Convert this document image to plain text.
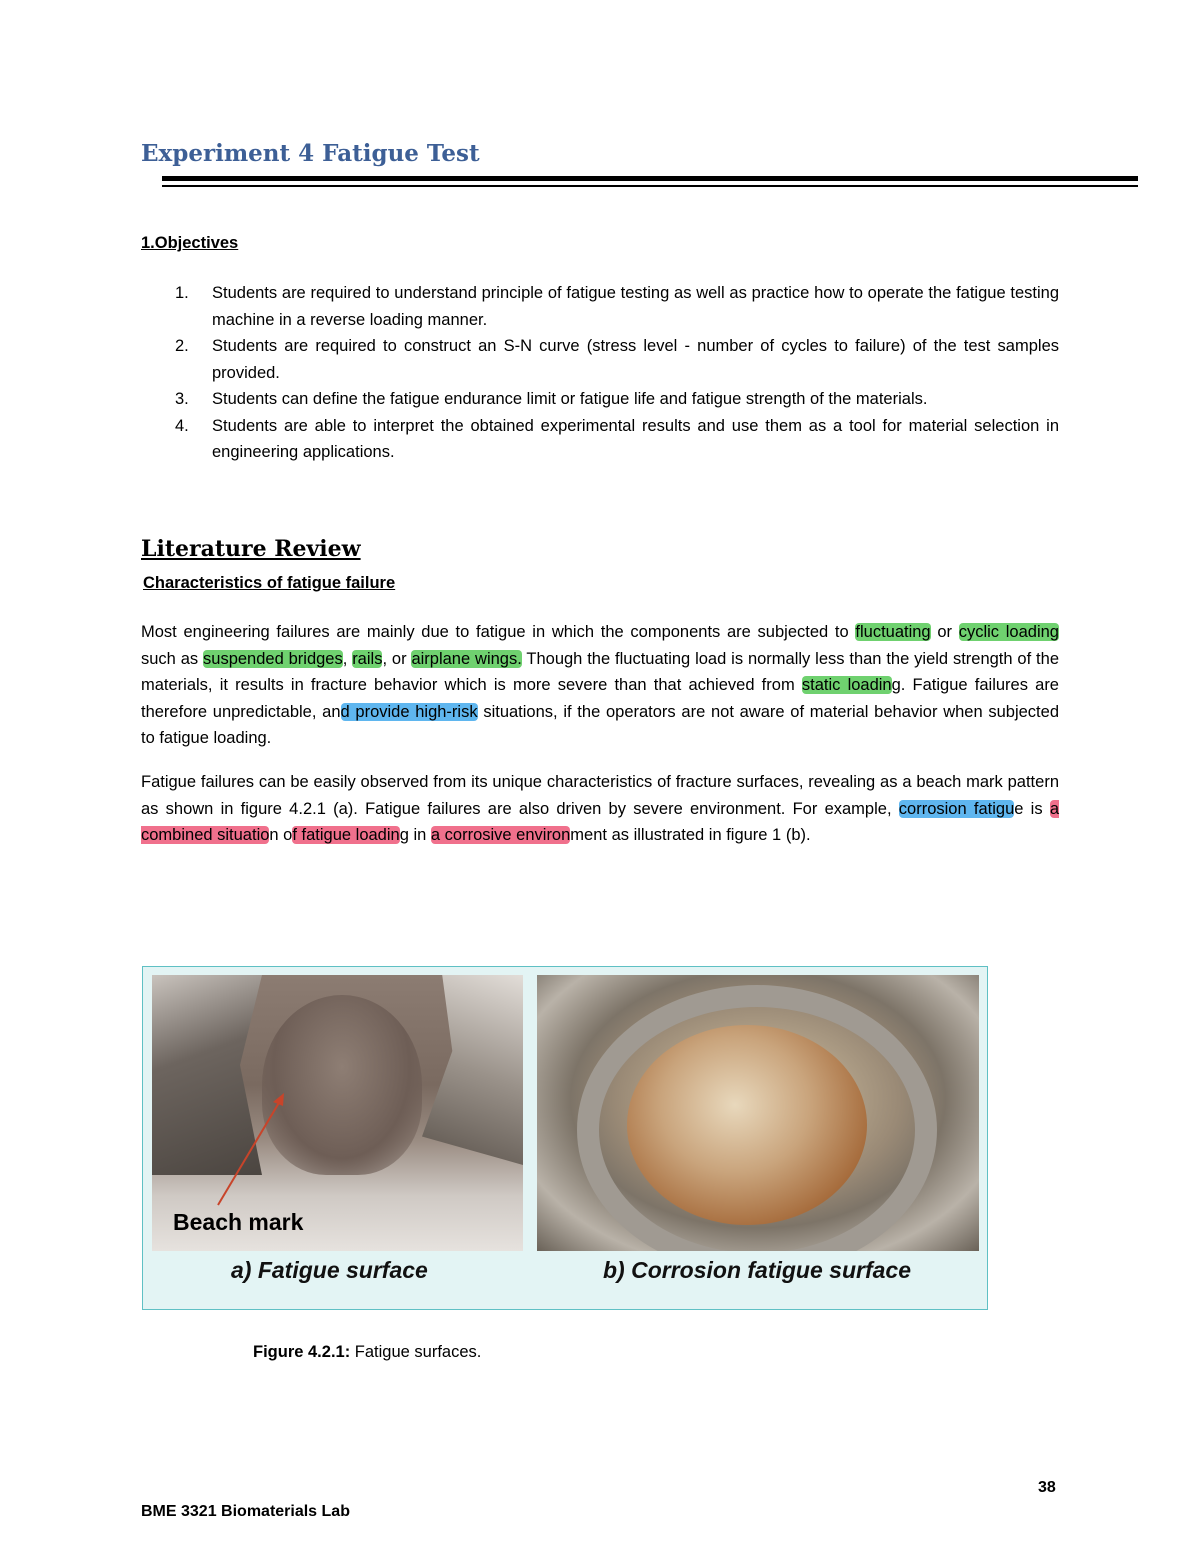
Experiment 4 Fatigue Test
1.Objectives
1. Students are required to understand principle of fatigue testing as well as practice how to operate the fatigue testing machine in a reverse loading manner.
2. Students are required to construct an S-N curve (stress level - number of cycles to failure) of the test samples provided.
3. Students can define the fatigue endurance limit or fatigue life and fatigue strength of the materials.
4. Students are able to interpret the obtained experimental results and use them as a tool for material selection in engineering applications.
Literature Review
Characteristics of fatigue failure

Most engineering failures are mainly due to fatigue in which the components are subjected to fluctuating or cyclic loading such as suspended bridges, rails, or airplane wings. Though the fluctuating load is normally less than the yield strength of the materials, it results in fracture behavior which is more severe than that achieved from static loading. Fatigue failures are therefore unpredictable, and provide high-risk situations, if the operators are not aware of material behavior when subjected to fatigue loading.

Fatigue failures can be easily observed from its unique characteristics of fracture surfaces, revealing as a beach mark pattern as shown in figure 4.2.1 (a). Fatigue failures are also driven by severe environment. For example, corrosion fatigue is a combined situation of fatigue loading in a corrosive environment as illustrated in figure 1 (b).

Beach mark
a) Fatigue surface	b) Corrosion fatigue surface
Figure 4.2.1: Fatigue surfaces.
38
BME 3321 Biomaterials Lab
